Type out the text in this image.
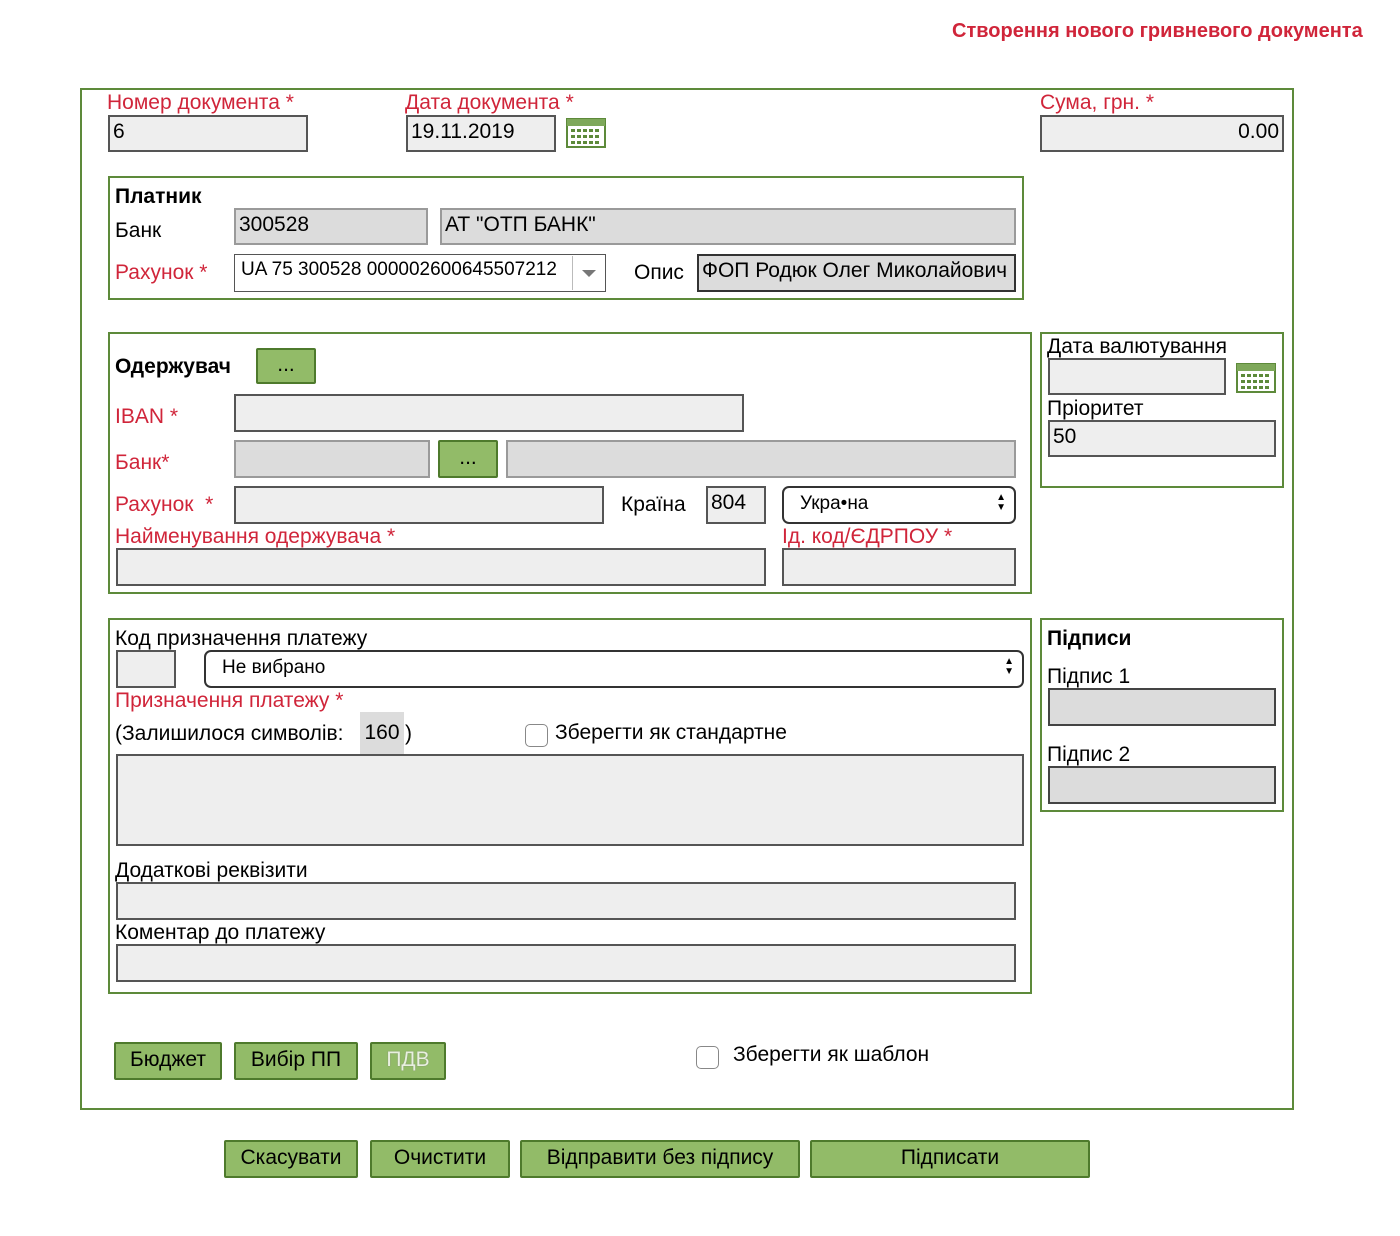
Створення нового гривневого документа
Номер документа *
6
Дата документа *
19.11.2019
Сума, грн. *
0.00
Платник
Банк	300528	АТ "ОТП БАНК"
Рахунок *	UA 75 300528 000002600645507212	Опис ФОП Родюк Олег Миколайович
Одержувач	...
IBAN *
Банк*	...
Рахунок *	Країна 804	Укра•на	▲
▼
Найменування одержувача *	Ід. код/ЄДРПОУ *
Дата валютування
Пріоритет
50
Код призначення платежу
Не вибрано	▲
▼
Призначення платежу *
(Залишилося символів: 160 )	Зберегти як стандартне
Додаткові реквізити
Коментар до платежу
Підписи
Підпис 1
Підпис 2
Бюджет	Вибір ПП	ПДВ	Зберегти як шаблон
Скасувати	Очистити	Відправити без підпису	Підписати
